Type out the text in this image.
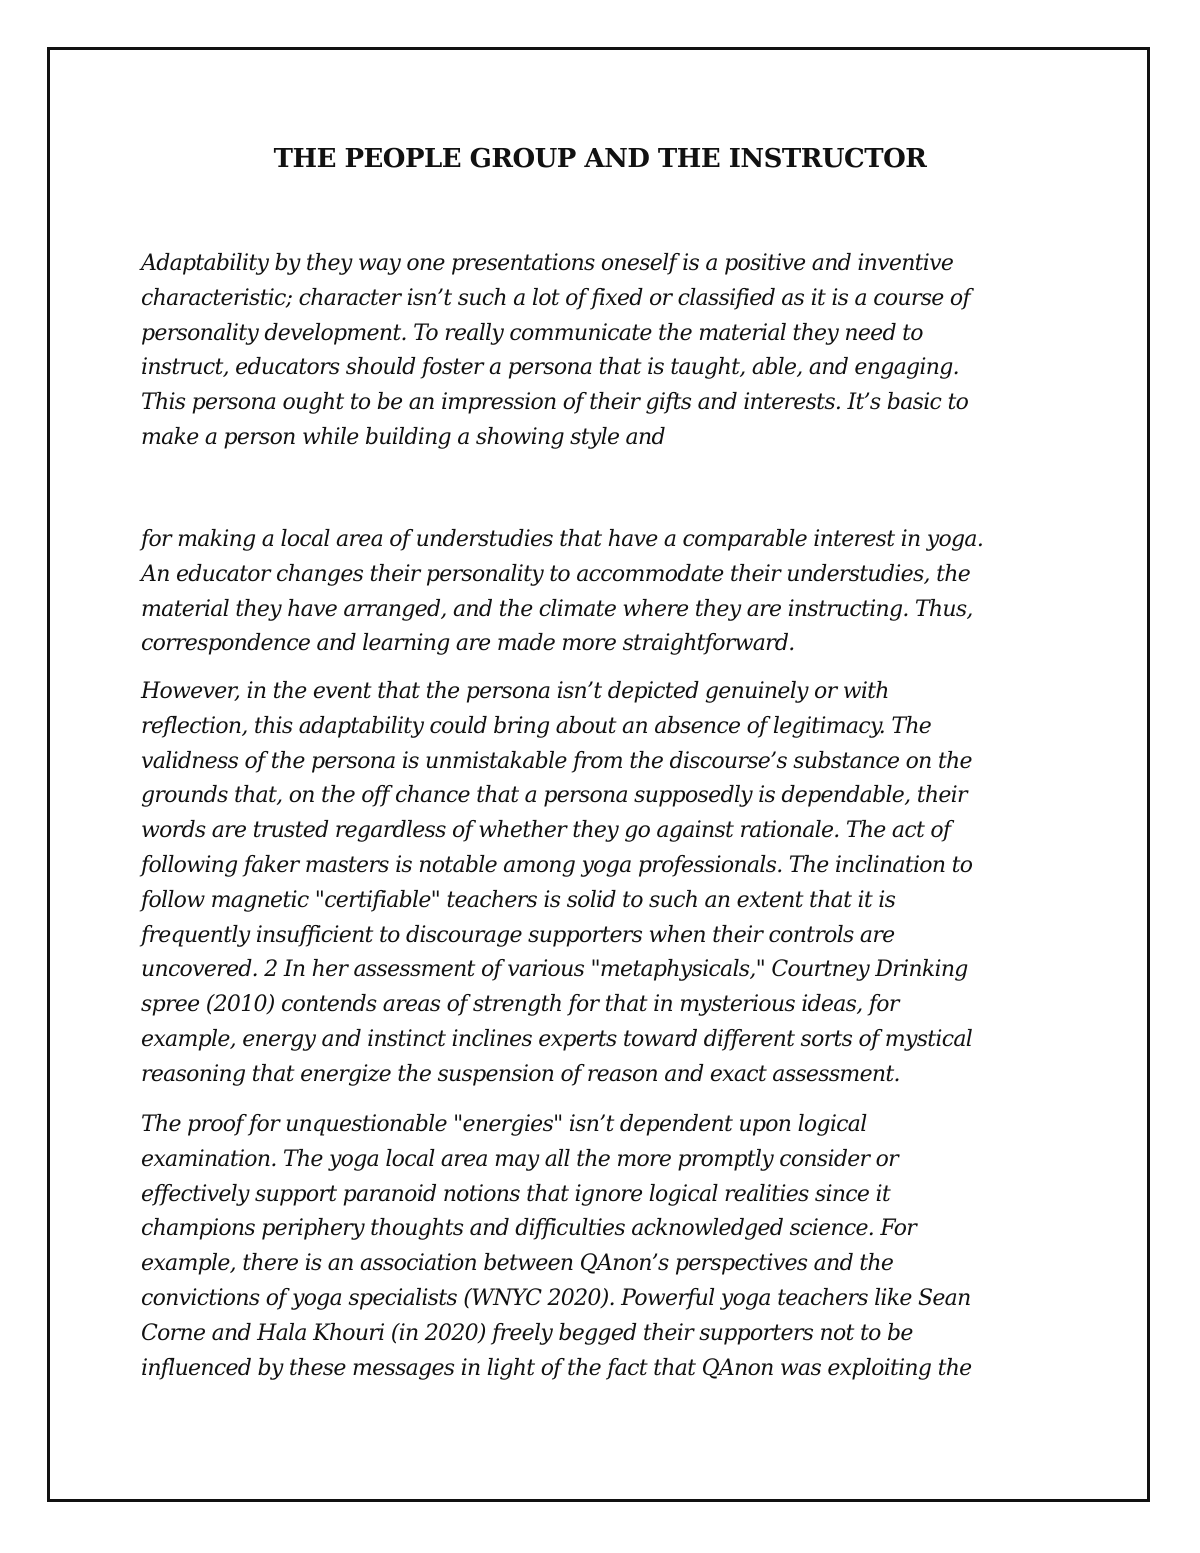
THE PEOPLE GROUP AND THE INSTRUCTOR

Adaptability by they way one presentations oneself is a positive and inventive
characteristic; character isn’t such a lot of fixed or classified as it is a course of
personality development. To really communicate the material they need to
instruct, educators should foster a persona that is taught, able, and engaging.
This persona ought to be an impression of their gifts and interests. It’s basic to
make a person while building a showing style and

for making a local area of understudies that have a comparable interest in yoga.
An educator changes their personality to accommodate their understudies, the
material they have arranged, and the climate where they are instructing. Thus,
correspondence and learning are made more straightforward.

However, in the event that the persona isn’t depicted genuinely or with
reflection, this adaptability could bring about an absence of legitimacy. The
validness of the persona is unmistakable from the discourse’s substance on the
grounds that, on the off chance that a persona supposedly is dependable, their
words are trusted regardless of whether they go against rationale. The act of
following faker masters is notable among yoga professionals. The inclination to
follow magnetic "certifiable" teachers is solid to such an extent that it is
frequently insufficient to discourage supporters when their controls are
uncovered. 2 In her assessment of various "metaphysicals," Courtney Drinking
spree (2010) contends areas of strength for that in mysterious ideas, for
example, energy and instinct inclines experts toward different sorts of mystical
reasoning that energize the suspension of reason and exact assessment.

The proof for unquestionable "energies" isn’t dependent upon logical
examination. The yoga local area may all the more promptly consider or
effectively support paranoid notions that ignore logical realities since it
champions periphery thoughts and difficulties acknowledged science. For
example, there is an association between QAnon’s perspectives and the
convictions of yoga specialists (WNYC 2020). Powerful yoga teachers like Sean
Corne and Hala Khouri (in 2020) freely begged their supporters not to be
influenced by these messages in light of the fact that QAnon was exploiting the
